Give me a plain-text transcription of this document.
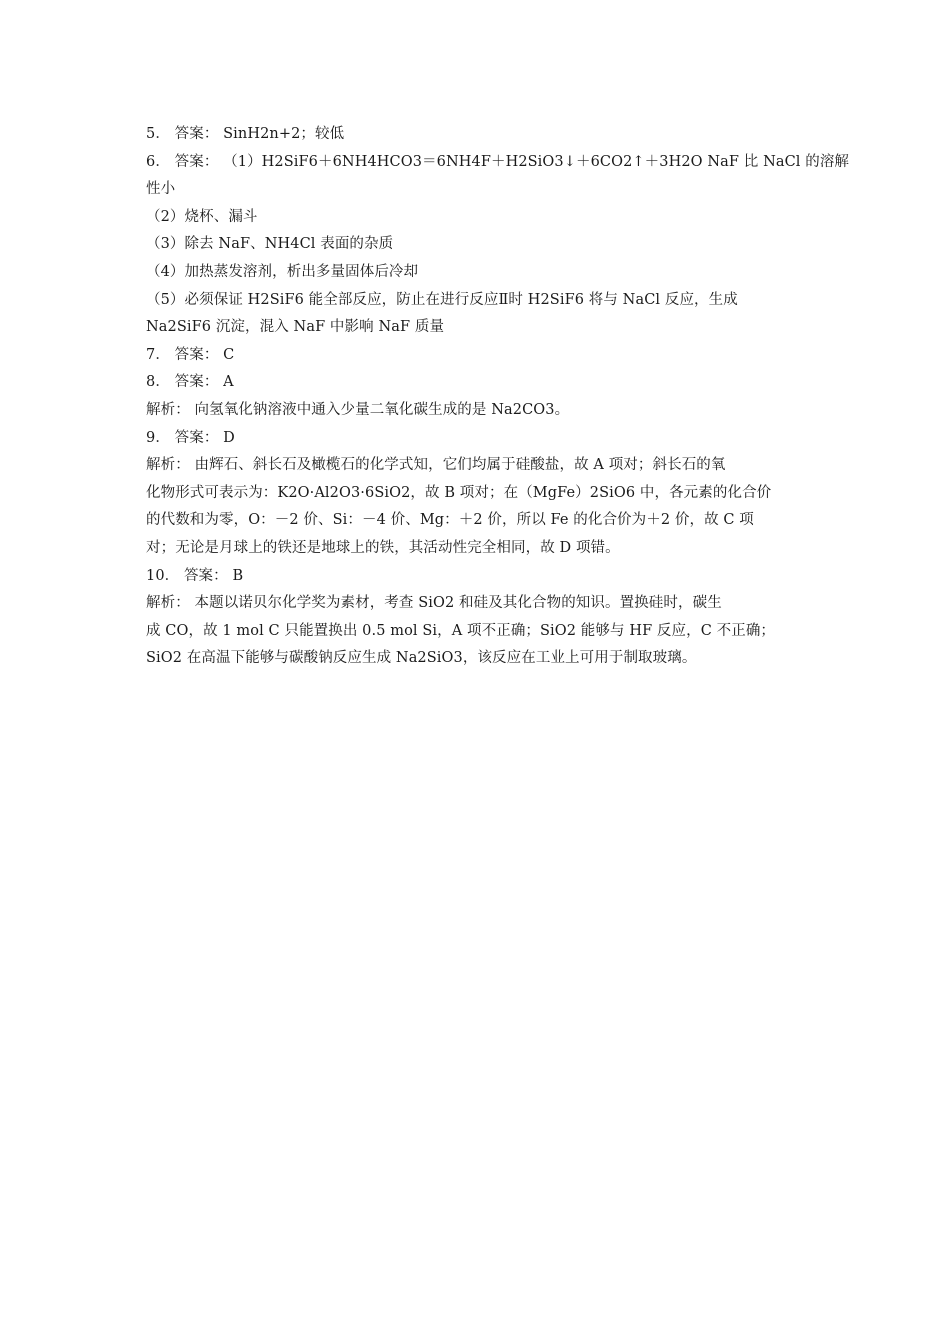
5． 答案： SinH2n+2；较低
6． 答案： （1）H2SiF6＋6NH4HCO3＝6NH4F＋H2SiO3↓＋6CO2↑＋3H2O NaF 比 NaCl 的溶解
性小
（2）烧杯、漏斗
（3）除去 NaF、NH4Cl 表面的杂质
（4）加热蒸发溶剂，析出多量固体后冷却
（5）必须保证 H2SiF6 能全部反应，防止在进行反应Ⅱ时 H2SiF6 将与 NaCl 反应，生成
Na2SiF6 沉淀，混入 NaF 中影响 NaF 质量
7． 答案： C
8． 答案： A
解析： 向氢氧化钠溶液中通入少量二氧化碳生成的是 Na2CO3。
9． 答案： D
解析： 由辉石、斜长石及橄榄石的化学式知，它们均属于硅酸盐，故 A 项对；斜长石的氧
化物形式可表示为：K2O·Al2O3·6SiO2，故 B 项对；在（MgFe）2SiO6 中，各元素的化合价
的代数和为零，O：－2 价、Si：－4 价、Mg：＋2 价，所以 Fe 的化合价为＋2 价，故 C 项
对；无论是月球上的铁还是地球上的铁，其活动性完全相同，故 D 项错。
10． 答案： B
解析： 本题以诺贝尔化学奖为素材，考查 SiO2 和硅及其化合物的知识。置换硅时，碳生
成 CO，故 1 mol C 只能置换出 0.5 mol Si，A 项不正确；SiO2 能够与 HF 反应，C 不正确；
SiO2 在高温下能够与碳酸钠反应生成 Na2SiO3，该反应在工业上可用于制取玻璃。
